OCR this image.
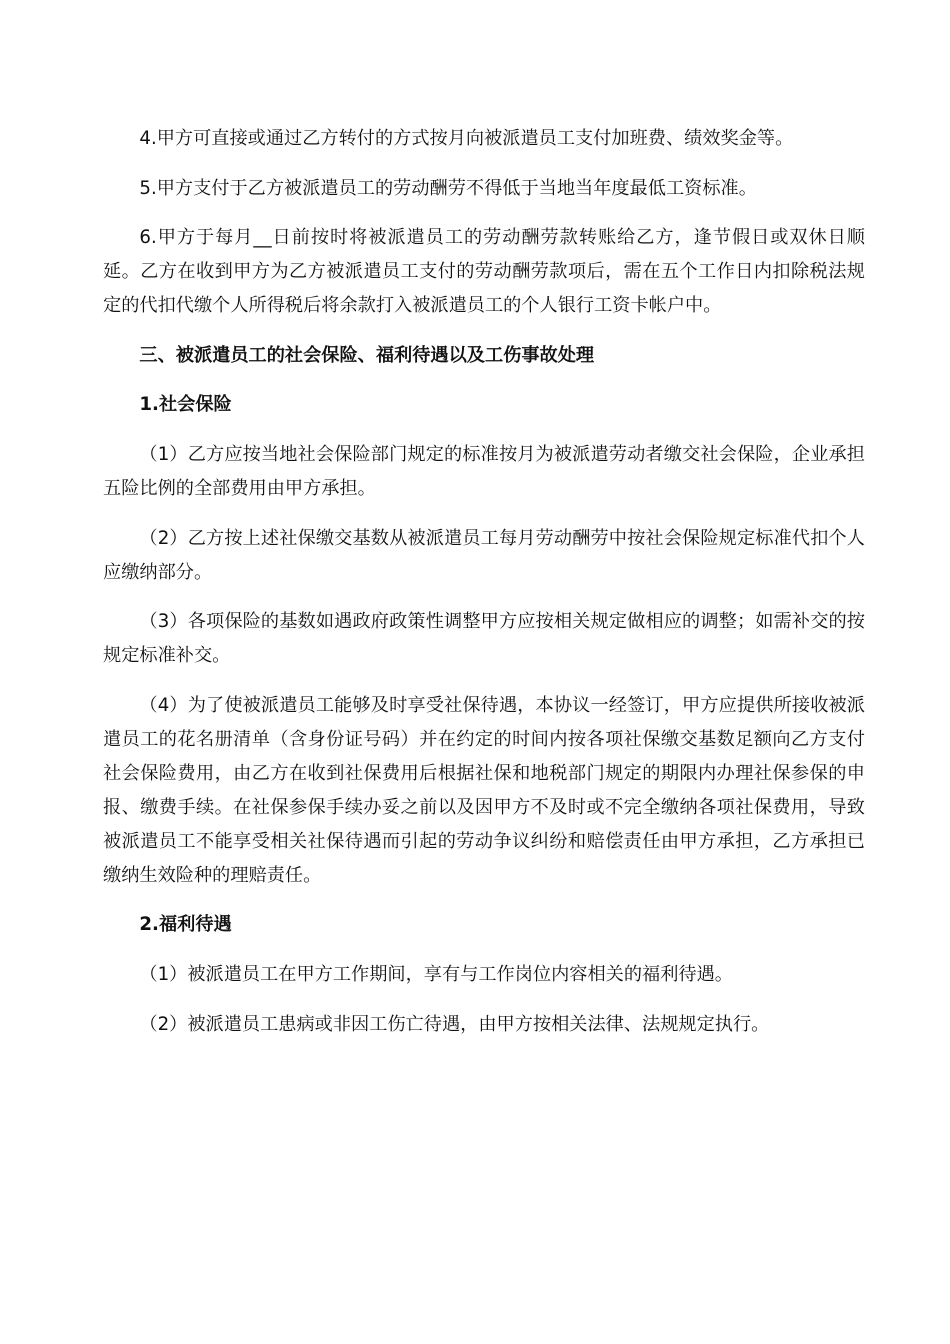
4.甲方可直接或通过乙方转付的方式按月向被派遣员工支付加班费、绩效奖金等。

5.甲方支付于乙方被派遣员工的劳动酬劳不得低于当地当年度最低工资标准。

6.甲方于每月__日前按时将被派遣员工的劳动酬劳款转账给乙方，逢节假日或双休日顺延。乙方在收到甲方为乙方被派遣员工支付的劳动酬劳款项后，需在五个工作日内扣除税法规定的代扣代缴个人所得税后将余款打入被派遣员工的个人银行工资卡帐户中。

三、被派遣员工的社会保险、福利待遇以及工伤事故处理

1.社会保险

（1）乙方应按当地社会保险部门规定的标准按月为被派遣劳动者缴交社会保险，企业承担五险比例的全部费用由甲方承担。

（2）乙方按上述社保缴交基数从被派遣员工每月劳动酬劳中按社会保险规定标准代扣个人应缴纳部分。

（3）各项保险的基数如遇政府政策性调整甲方应按相关规定做相应的调整；如需补交的按规定标准补交。

（4）为了使被派遣员工能够及时享受社保待遇，本协议一经签订，甲方应提供所接收被派遣员工的花名册清单（含身份证号码）并在约定的时间内按各项社保缴交基数足额向乙方支付社会保险费用，由乙方在收到社保费用后根据社保和地税部门规定的期限内办理社保参保的申报、缴费手续。在社保参保手续办妥之前以及因甲方不及时或不完全缴纳各项社保费用，导致被派遣员工不能享受相关社保待遇而引起的劳动争议纠纷和赔偿责任由甲方承担，乙方承担已缴纳生效险种的理赔责任。

2.福利待遇

（1）被派遣员工在甲方工作期间，享有与工作岗位内容相关的福利待遇。

（2）被派遣员工患病或非因工伤亡待遇，由甲方按相关法律、法规规定执行。
